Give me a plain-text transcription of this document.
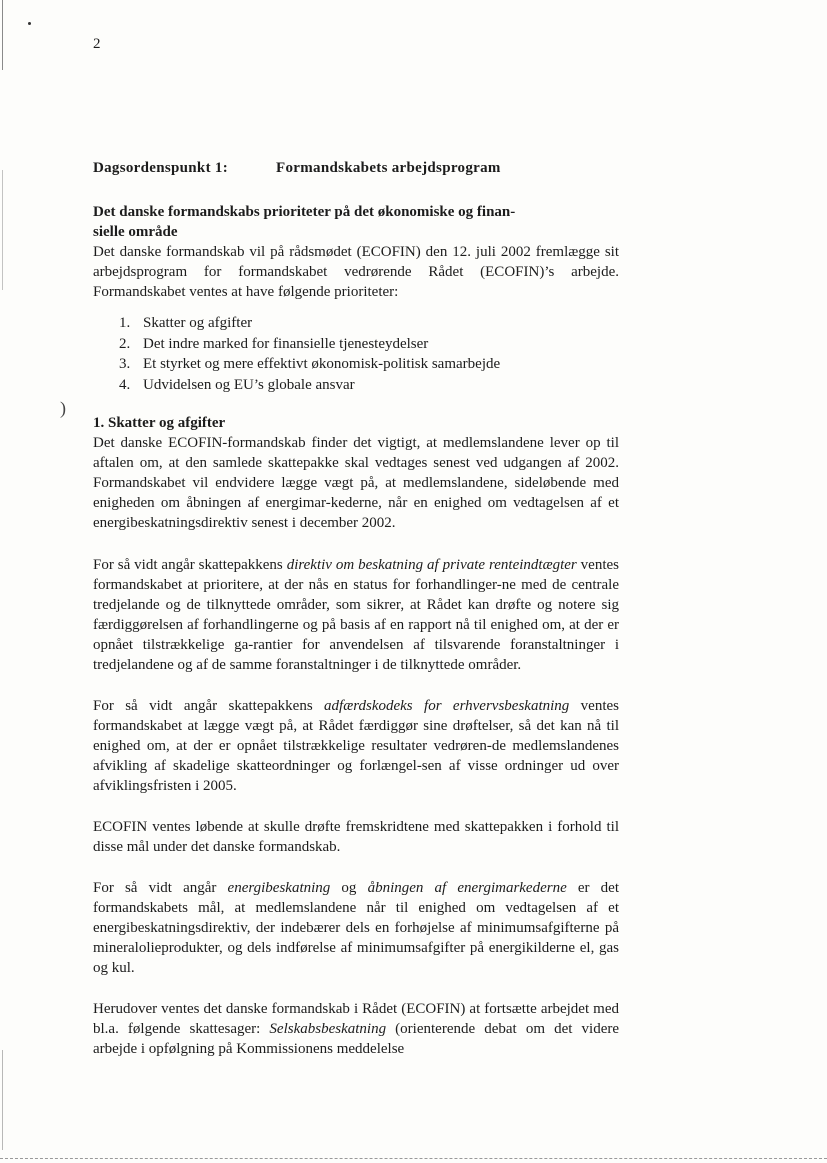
)
2
Dagsordenspunkt 1:	Formandskabets arbejdsprogram

Det danske formandskabs prioriteter på det økonomiske og finan-
sielle område

Det danske formandskab vil på rådsmødet (ECOFIN) den 12. juli 2002 fremlægge sit arbejdsprogram for formandskabet vedrørende Rådet (ECOFIN)’s arbejde. Formandskabet ventes at have følgende prioriteter:

1. Skatter og afgifter
2. Det indre marked for finansielle tjenesteydelser
3. Et styrket og mere effektivt økonomisk-politisk samarbejde
4. Udvidelsen og EU’s globale ansvar

1. Skatter og afgifter

Det danske ECOFIN-formandskab finder det vigtigt, at medlemslandene lever op til aftalen om, at den samlede skattepakke skal vedtages senest ved udgangen af 2002. Formandskabet vil endvidere lægge vægt på, at medlemslandene, sideløbende med enigheden om åbningen af energimar-kederne, når en enighed om vedtagelsen af et energibeskatningsdirektiv senest i december 2002.

For så vidt angår skattepakkens direktiv om beskatning af private renteindtægter ventes formandskabet at prioritere, at der nås en status for forhandlinger-ne med de centrale tredjelande og de tilknyttede områder, som sikrer, at Rådet kan drøfte og notere sig færdiggørelsen af forhandlingerne og på basis af en rapport nå til enighed om, at der er opnået tilstrækkelige ga-rantier for anvendelsen af tilsvarende foranstaltninger i tredjelandene og af de samme foranstaltninger i de tilknyttede områder.

For så vidt angår skattepakkens adfærdskodeks for erhvervsbeskatning ventes formandskabet at lægge vægt på, at Rådet færdiggør sine drøftelser, så det kan nå til enighed om, at der er opnået tilstrækkelige resultater vedrøren-de medlemslandenes afvikling af skadelige skatteordninger og forlængel-sen af visse ordninger ud over afviklingsfristen i 2005.

ECOFIN ventes løbende at skulle drøfte fremskridtene med skattepakken i forhold til disse mål under det danske formandskab.

For så vidt angår energibeskatning og åbningen af energimarkederne er det formandskabets mål, at medlemslandene når til enighed om vedtagelsen af et energibeskatningsdirektiv, der indebærer dels en forhøjelse af minimumsafgifterne på mineralolieprodukter, og dels indførelse af minimumsafgifter på energikilderne el, gas og kul.

Herudover ventes det danske formandskab i Rådet (ECOFIN) at fortsætte arbejdet med bl.a. følgende skattesager: Selskabsbeskatning (orienterende debat om det videre arbejde i opfølgning på Kommissionens meddelelse
